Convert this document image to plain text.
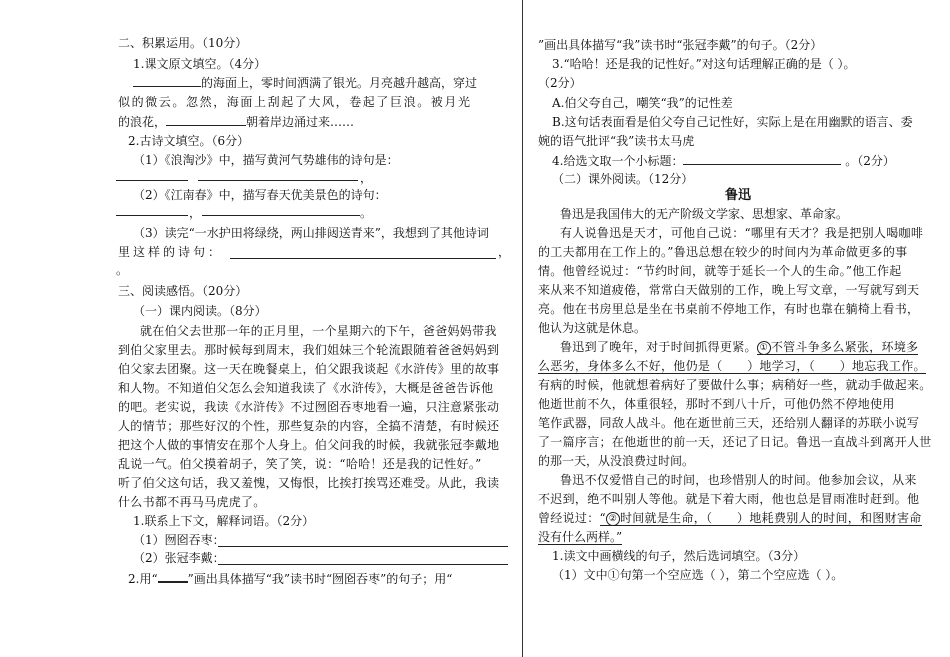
二、积累运用。（10分）
1.课文原文填空。（4分）
的海面上，零时间洒满了银光。月亮越升越高，穿过
似的微云。忽然，海面上刮起了大风，卷起了巨浪。被月光
的浪花，	朝着岸边涌过来……
2.古诗文填空。（6分）
（1）《浪淘沙》中，描写黄河气势雄伟的诗句是：
，
（2）《江南春》中，描写春天优美景色的诗句：
，	。
（3）读完“一水护田将绿绕，两山排闼送青来”，我想到了其他诗词
里这样的诗句：	，
。
三、阅读感悟。（20分）
（一）课内阅读。（8分）
就在伯父去世那一年的正月里，一个星期六的下午，爸爸妈妈带我
到伯父家里去。那时候每到周末，我们姐妹三个轮流跟随着爸爸妈妈到
伯父家去团聚。这一天在晚餐桌上，伯父跟我谈起《水浒传》里的故事
和人物。不知道伯父怎么会知道我读了《水浒传》，大概是爸爸告诉他
的吧。老实说，我读《水浒传》不过囫囵吞枣地看一遍，只注意紧张动
人的情节；那些好汉的个性，那些复杂的内容，全搞不清楚，有时候还
把这个人做的事情安在那个人身上。伯父问我的时候，我就张冠李戴地
乱说一气。伯父摸着胡子，笑了笑，说：“哈哈！还是我的记性好。”
听了伯父这句话，我又羞愧，又悔恨，比挨打挨骂还难受。从此，我读
什么书都不再马马虎虎了。
1.联系上下文，解释词语。（2分）
（1）囫囵吞枣：
（2）张冠李戴：
2.用“	”画出具体描写“我”读书时“囫囵吞枣”的句子；用“
”画出具体描写“我”读书时“张冠李戴”的句子。（2分）
3.“哈哈！还是我的记性好。”对这句话理解正确的是（ ）。
（2分）
A.伯父夸自己，嘲笑“我”的记性差
B.这句话表面看是伯父夸自己记性好，实际上是在用幽默的语言、委
婉的语气批评“我”读书太马虎
4.给选文取一个小标题：	。（2分）
（二）课外阅读。（12分）
鲁迅
鲁迅是我国伟大的无产阶级文学家、思想家、革命家。
有人说鲁迅是天才，可他自己说：“哪里有天才？我是把别人喝咖啡
的工夫都用在工作上的。”鲁迅总想在较少的时间内为革命做更多的事
情。他曾经说过：“节约时间，就等于延长一个人的生命。”他工作起
来从来不知道疲倦，常常白天做别的工作，晚上写文章，一写就写到天
亮。他在书房里总是坐在书桌前不停地工作，有时也靠在躺椅上看书，
他认为这就是休息。
鲁迅到了晚年，对于时间抓得更紧。 ① 不管斗争多么紧张，环境多
么恶劣，身体多么不好，他仍是（ ）地学习，（ ）地忘我工作。
有病的时候，他就想着病好了要做什么事；病稍好一些，就动手做起来。
他逝世前不久，体重很轻，那时不到八十斤，可他仍然不停地使用
笔作武器，同敌人战斗。他在逝世前三天，还给别人翻译的苏联小说写
了一篇序言；在他逝世的前一天，还记了日记。鲁迅一直战斗到离开人世
的那一天，从没浪费过时间。
鲁迅不仅爱惜自己的时间，也珍惜别人的时间。他参加会议，从来
不迟到，绝不叫别人等他。就是下着大雨，他也总是冒雨准时赶到。他
曾经说过：“ ② 时间就是生命，（ ）地耗费别人的时间，和图财害命
没有什么两样。”
1.读文中画横线的句子，然后选词填空。（3分）
（1）文中①句第一个空应选（ ），第二个空应选（ ）。
